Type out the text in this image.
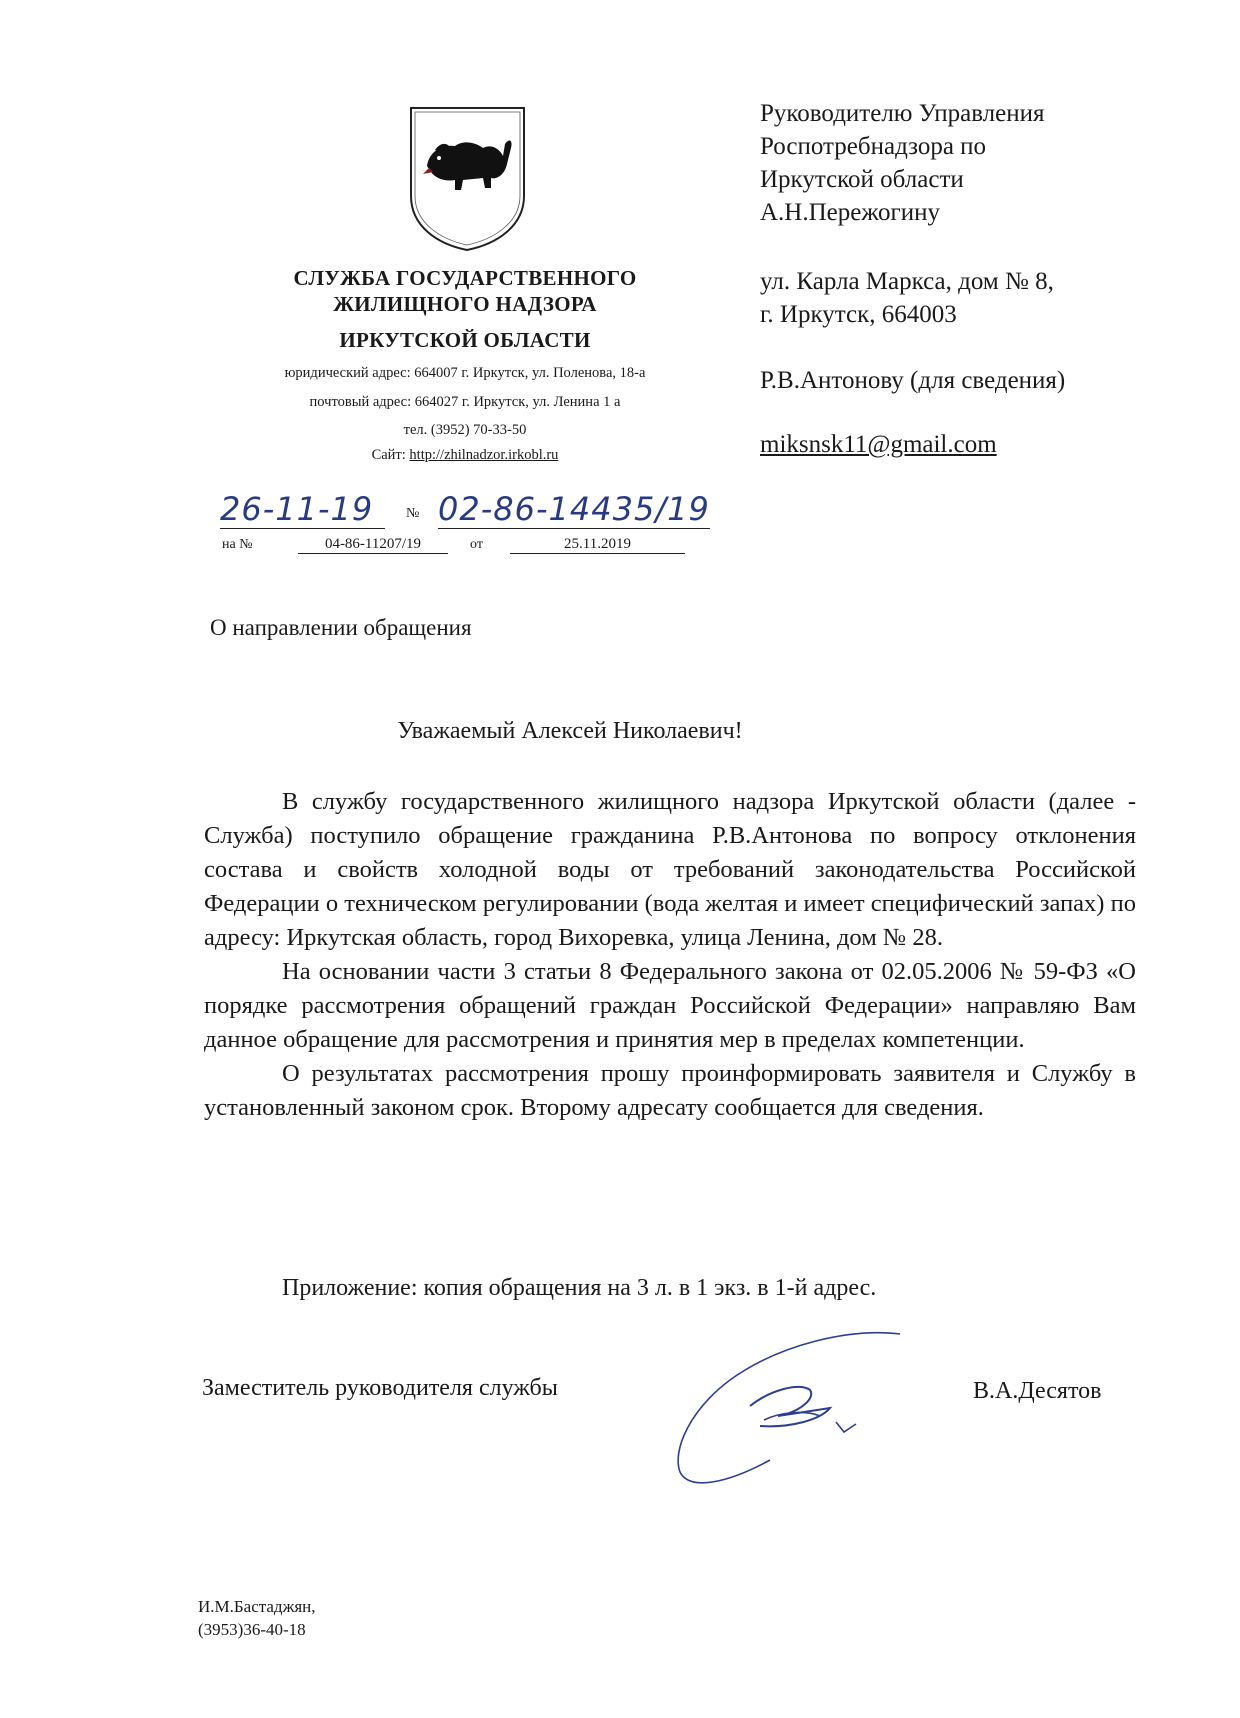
СЛУЖБА ГОСУДАРСТВЕННОГО
ЖИЛИЩНОГО НАДЗОРА
ИРКУТСКОЙ ОБЛАСТИ
юридический адрес: 664007 г. Иркутск, ул. Поленова, 18-а
почтовый адрес: 664027 г. Иркутск, ул. Ленина 1 а
тел. (3952) 70-33-50
Сайт: http://zhilnadzor.irkobl.ru
Руководителю Управления
Роспотребнадзора по
Иркутской области
А.Н.Пережогину
ул. Карла Маркса, дом № 8,
г. Иркутск, 664003
Р.В.Антонову (для сведения)
miksnsk11@gmail.com
26-11-19	№ 02-86-14435/19
на №	04-86-11207/19	от	25.11.2019
О направлении обращения
Уважаемый Алексей Николаевич!

В службу государственного жилищного надзора Иркутской области (далее - Служба) поступило обращение гражданина Р.В.Антонова по вопросу отклонения состава и свойств холодной воды от требований законодательства Российской Федерации о техническом регулировании (вода желтая и имеет специфический запах) по адресу: Иркутская область, город Вихоревка, улица Ленина, дом № 28.

На основании части 3 статьи 8 Федерального закона от 02.05.2006 № 59-ФЗ «О порядке рассмотрения обращений граждан Российской Федерации» направляю Вам данное обращение для рассмотрения и принятия мер в пределах компетенции.

О результатах рассмотрения прошу проинформировать заявителя и Службу в установленный законом срок. Второму адресату сообщается для сведения.

Приложение: копия обращения на 3 л. в 1 экз. в 1-й адрес.
Заместитель руководителя службы	В.А.Десятов
И.М.Бастаджян,
(3953)36-40-18
